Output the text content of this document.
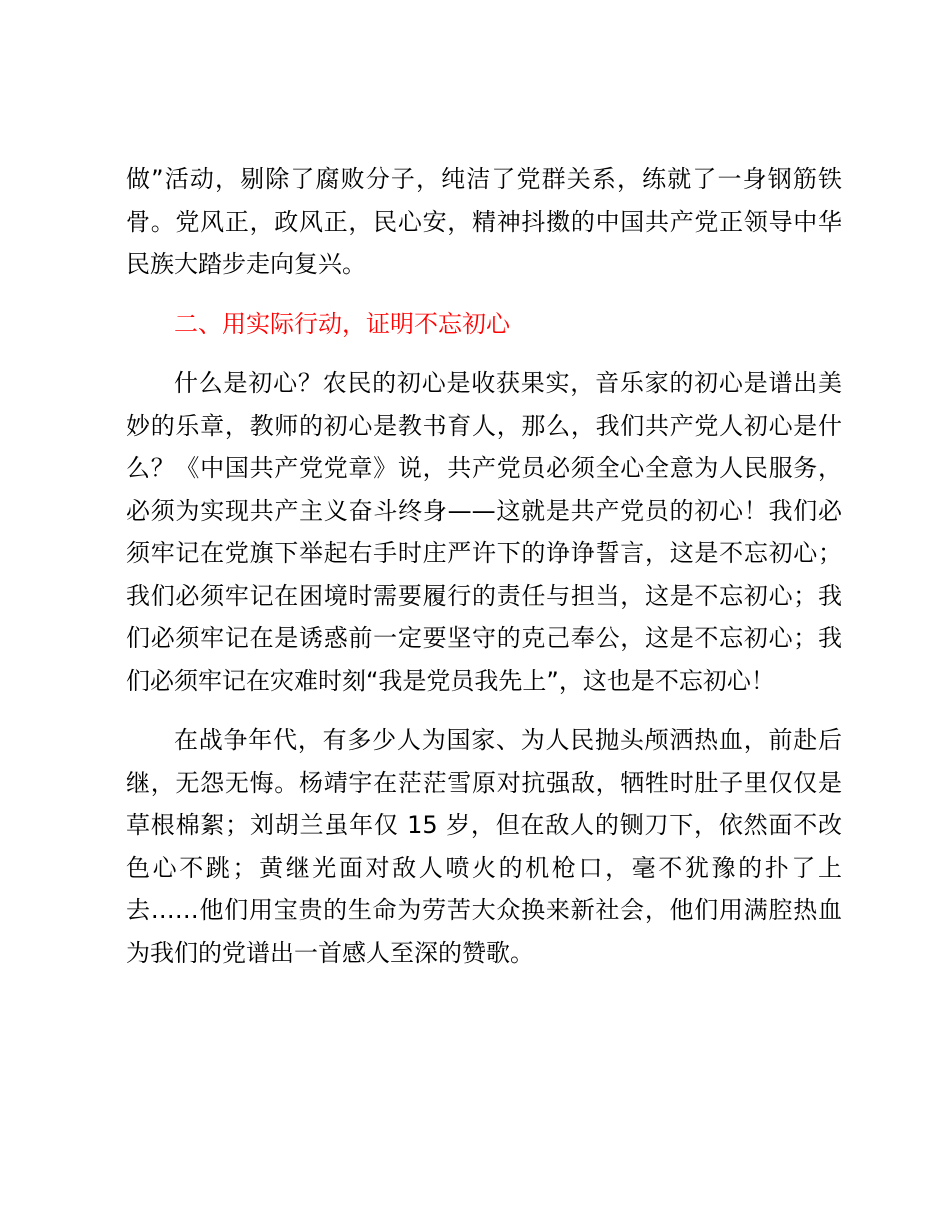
做”活动，剔除了腐败分子，纯洁了党群关系，练就了一身钢筋铁骨。党风正，政风正，民心安，精神抖擞的中国共产党正领导中华民族大踏步走向复兴。

二、用实际行动，证明不忘初心

什么是初心？农民的初心是收获果实，音乐家的初心是谱出美妙的乐章，教师的初心是教书育人，那么，我们共产党人初心是什么？《中国共产党党章》说，共产党员必须全心全意为人民服务，必须为实现共产主义奋斗终身——这就是共产党员的初心！我们必须牢记在党旗下举起右手时庄严许下的诤诤誓言，这是不忘初心；我们必须牢记在困境时需要履行的责任与担当，这是不忘初心；我们必须牢记在是诱惑前一定要坚守的克己奉公，这是不忘初心；我们必须牢记在灾难时刻“我是党员我先上”，这也是不忘初心！

在战争年代，有多少人为国家、为人民抛头颅洒热血，前赴后继，无怨无悔。杨靖宇在茫茫雪原对抗强敌，牺牲时肚子里仅仅是草根棉絮；刘胡兰虽年仅 15 岁，但在敌人的铡刀下，依然面不改色心不跳；黄继光面对敌人喷火的机枪口，毫不犹豫的扑了上去……他们用宝贵的生命为劳苦大众换来新社会，他们用满腔热血为我们的党谱出一首感人至深的赞歌。
